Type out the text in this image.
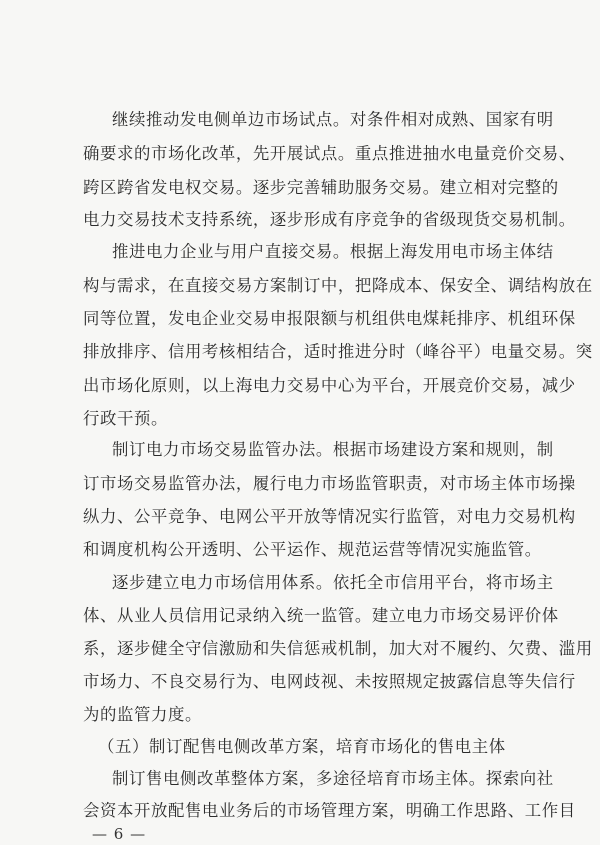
继续推动发电侧单边市场试点。对条件相对成熟、国家有明
确要求的市场化改革，先开展试点。重点推进抽水电量竞价交易、
跨区跨省发电权交易。逐步完善辅助服务交易。建立相对完整的
电力交易技术支持系统，逐步形成有序竞争的省级现货交易机制。
推进电力企业与用户直接交易。根据上海发用电市场主体结
构与需求，在直接交易方案制订中，把降成本、保安全、调结构放在
同等位置，发电企业交易申报限额与机组供电煤耗排序、机组环保
排放排序、信用考核相结合，适时推进分时（峰谷平）电量交易。突
出市场化原则，以上海电力交易中心为平台，开展竞价交易，减少
行政干预。
制订电力市场交易监管办法。根据市场建设方案和规则，制
订市场交易监管办法，履行电力市场监管职责，对市场主体市场操
纵力、公平竞争、电网公平开放等情况实行监管，对电力交易机构
和调度机构公开透明、公平运作、规范运营等情况实施监管。
逐步建立电力市场信用体系。依托全市信用平台，将市场主
体、从业人员信用记录纳入统一监管。建立电力市场交易评价体
系，逐步健全守信激励和失信惩戒机制，加大对不履约、欠费、滥用
市场力、不良交易行为、电网歧视、未按照规定披露信息等失信行
为的监管力度。
（五）制订配售电侧改革方案，培育市场化的售电主体
制订售电侧改革整体方案，多途径培育市场主体。探索向社
会资本开放配售电业务后的市场管理方案，明确工作思路、工作目
— 6 —
